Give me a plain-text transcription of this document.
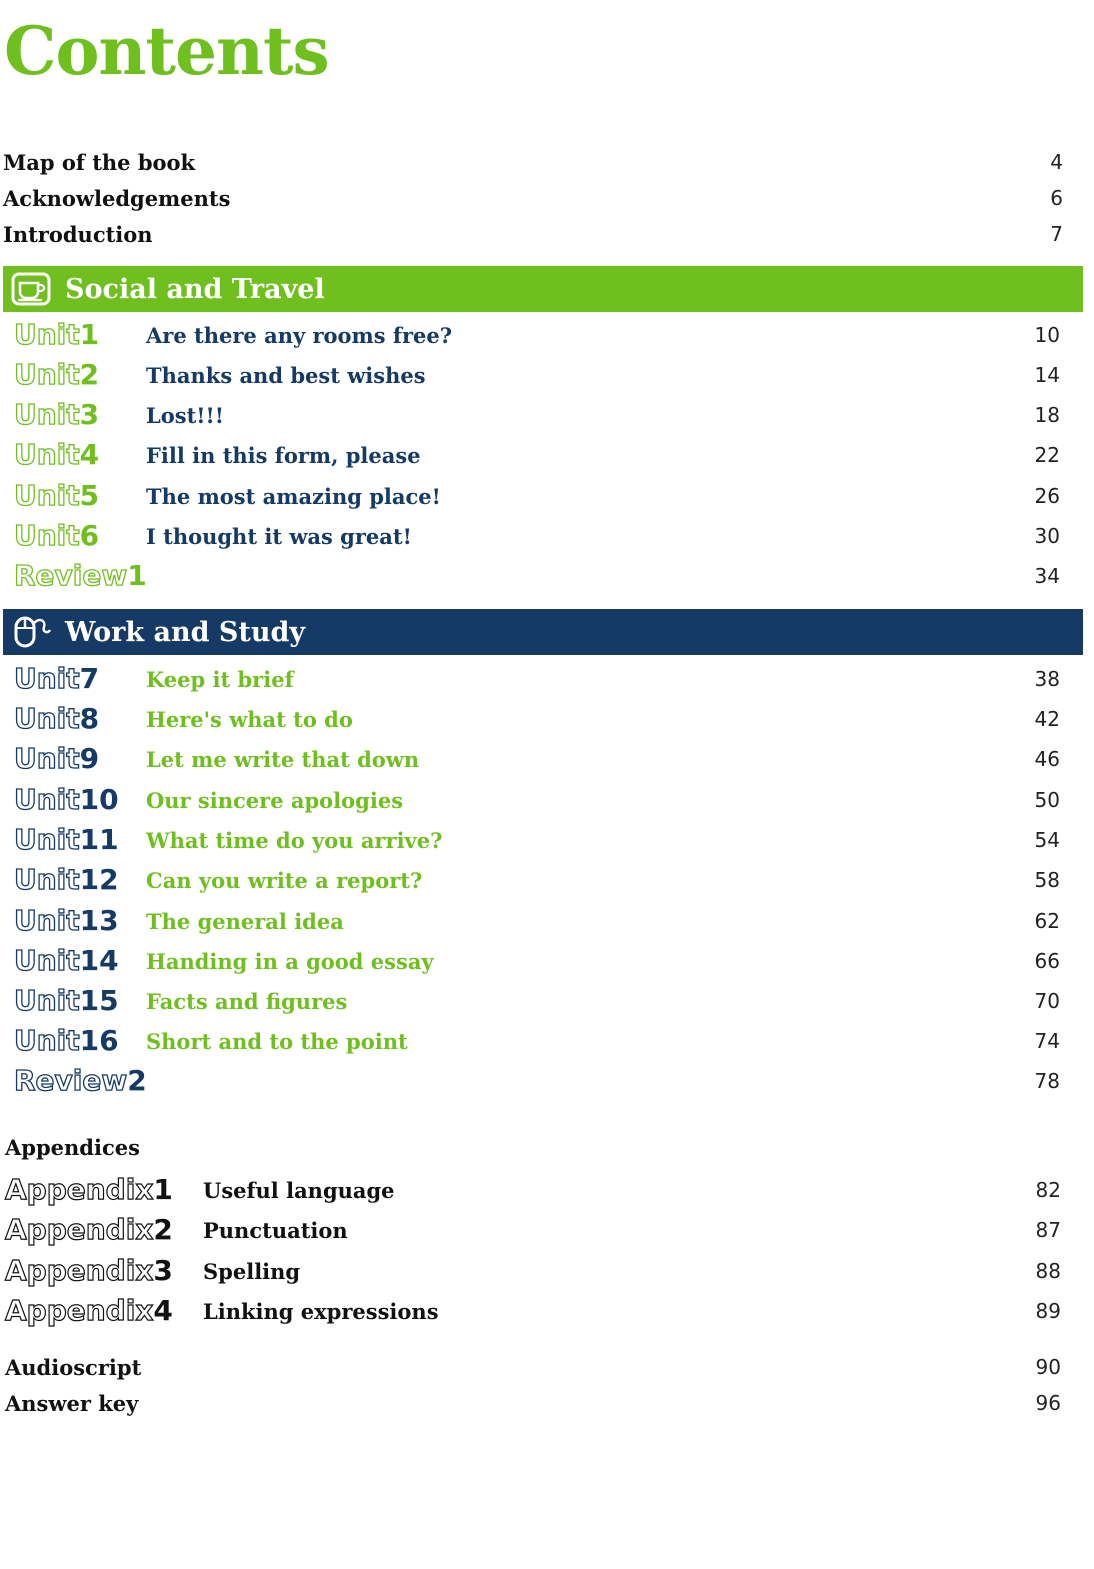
Contents
Map of the book	4
Acknowledgements	6
Introduction	7
Social and Travel
Unit 1 Are there any rooms free?	10
Unit 2 Thanks and best wishes	14
Unit 3 Lost!!!	18
Unit 4 Fill in this form, please	22
Unit 5 The most amazing place!	26
Unit 6 I thought it was great!	30
Review 1	34
Work and Study
Unit 7 Keep it brief	38
Unit 8 Here's what to do	42
Unit 9 Let me write that down	46
Unit 10 Our sincere apologies	50
Unit 11 What time do you arrive?	54
Unit 12 Can you write a report?	58
Unit 13 The general idea	62
Unit 14 Handing in a good essay	66
Unit 15 Facts and figures	70
Unit 16 Short and to the point	74
Review 2	78
Appendices
Appendix 1 Useful language	82
Appendix 2 Punctuation	87
Appendix 3 Spelling	88
Appendix 4 Linking expressions	89
Audioscript	90
Answer key	96
